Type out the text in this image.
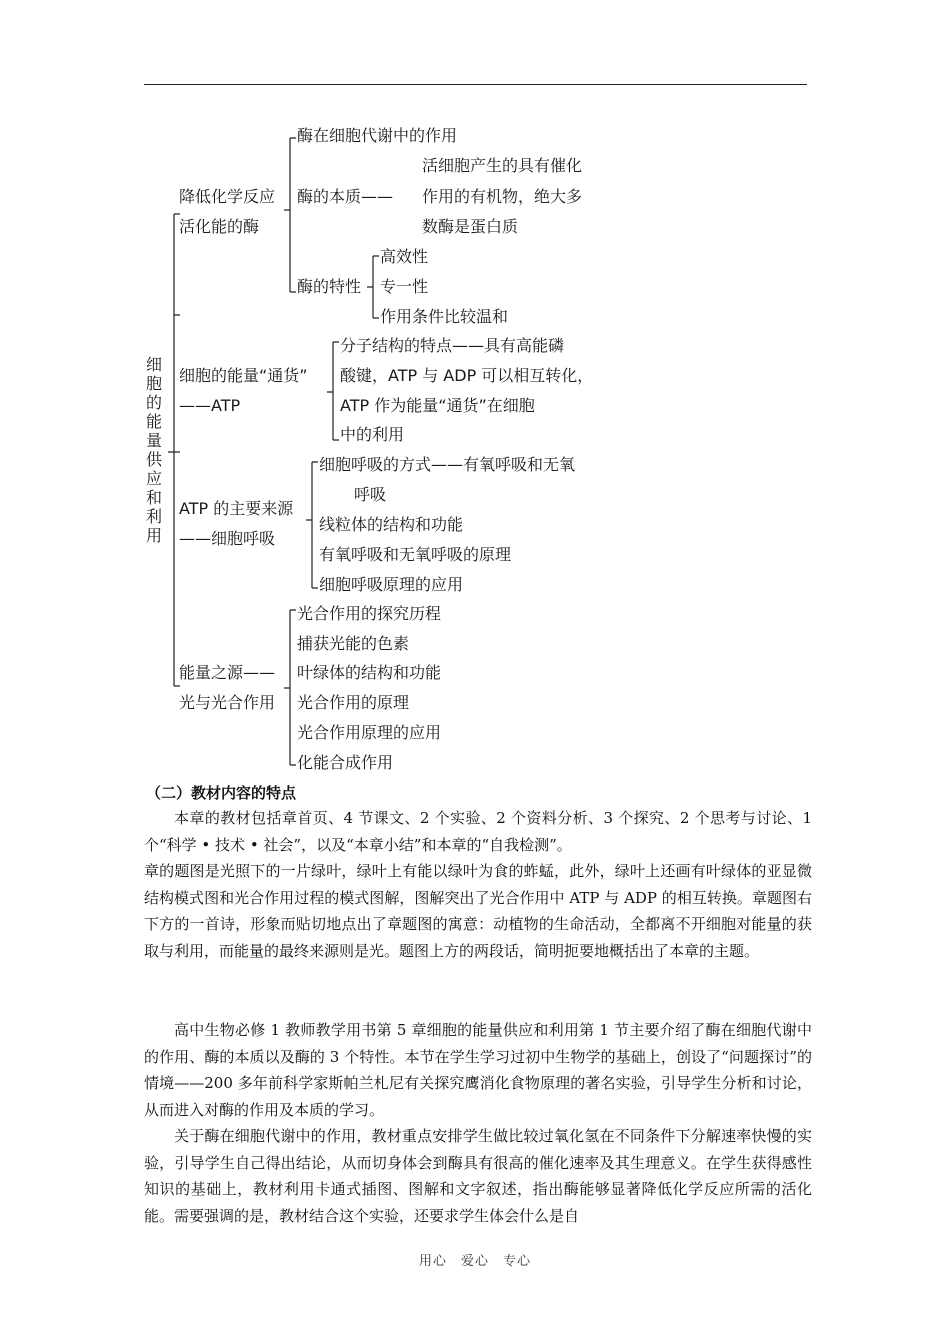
细胞的能量供应和利用
降低化学反应
活化能的酶
酶在细胞代谢中的作用
酶的本质——
活细胞产生的具有催化
作用的有机物，绝大多
数酶是蛋白质
酶的特性
高效性
专一性
作用条件比较温和
细胞的能量“通货”
——ATP
分子结构的特点——具有高能磷
酸键，ATP 与 ADP 可以相互转化，
ATP 作为能量“通货”在细胞
中的利用
ATP 的主要来源
——细胞呼吸
细胞呼吸的方式——有氧呼吸和无氧
呼吸
线粒体的结构和功能
有氧呼吸和无氧呼吸的原理
细胞呼吸原理的应用
能量之源——
光与光合作用
光合作用的探究历程
捕获光能的色素
叶绿体的结构和功能
光合作用的原理
光合作用原理的应用
化能合成作用
（二）教材内容的特点
本章的教材包括章首页、4 节课文、2 个实验、2 个资料分析、3 个探究、2 个思考与讨论、1 个“科学 • 技术 • 社会”，以及“本章小结”和本章的“自我检测”。
章的题图是光照下的一片绿叶，绿叶上有能以绿叶为食的蚱蜢，此外，绿叶上还画有叶绿体的亚显微结构模式图和光合作用过程的模式图解，图解突出了光合作用中 ATP 与 ADP 的相互转换。章题图右下方的一首诗，形象而贴切地点出了章题图的寓意：动植物的生命活动，全都离不开细胞对能量的获取与利用，而能量的最终来源则是光。题图上方的两段话，简明扼要地概括出了本章的主题。
高中生物必修 1 教师教学用书第 5 章细胞的能量供应和利用第 1 节主要介绍了酶在细胞代谢中的作用、酶的本质以及酶的 3 个特性。本节在学生学习过初中生物学的基础上，创设了“问题探讨”的情境——200 多年前科学家斯帕兰札尼有关探究鹰消化食物原理的著名实验，引导学生分析和讨论，从而进入对酶的作用及本质的学习。
关于酶在细胞代谢中的作用，教材重点安排学生做比较过氧化氢在不同条件下分解速率快慢的实验，引导学生自己得出结论，从而切身体会到酶具有很高的催化速率及其生理意义。在学生获得感性知识的基础上，教材利用卡通式插图、图解和文字叙述，指出酶能够显著降低化学反应所需的活化能。需要强调的是，教材结合这个实验，还要求学生体会什么是自
用心　爱心　专心
